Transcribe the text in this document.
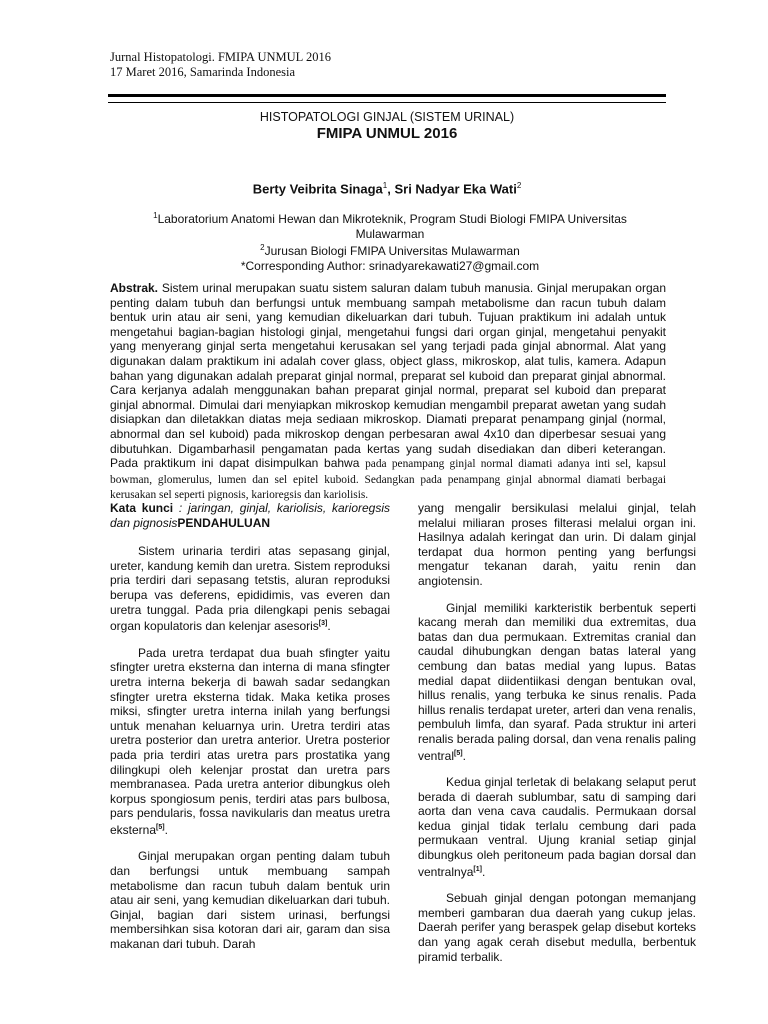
Jurnal Histopatologi. FMIPA UNMUL 2016
17 Maret 2016, Samarinda Indonesia
HISTOPATOLOGI GINJAL (SISTEM URINAL)
FMIPA UNMUL 2016
Berty Veibrita Sinaga$^1$, Sri Nadyar Eka Wati$^2$
$^1$Laboratorium Anatomi Hewan dan Mikroteknik, Program Studi Biologi FMIPA Universitas Mulawarman
$^2$Jurusan Biologi FMIPA Universitas Mulawarman
*Corresponding Author: srinadyarekawati27@gmail.com
Abstrak. Sistem urinal merupakan suatu sistem saluran dalam tubuh manusia. Ginjal merupakan organ penting dalam tubuh dan berfungsi untuk membuang sampah metabolisme dan racun tubuh dalam bentuk urin atau air seni, yang kemudian dikeluarkan dari tubuh. Tujuan praktikum ini adalah untuk mengetahui bagian-bagian histologi ginjal, mengetahui fungsi dari organ ginjal, mengetahui penyakit yang menyerang ginjal serta mengetahui kerusakan sel yang terjadi pada ginjal abnormal. Alat yang digunakan dalam praktikum ini adalah cover glass, object glass, mikroskop, alat tulis, kamera. Adapun bahan yang digunakan adalah preparat ginjal normal, preparat sel kuboid dan preparat ginjal abnormal. Cara kerjanya adalah menggunakan bahan preparat ginjal normal, preparat sel kuboid dan preparat ginjal abnormal. Dimulai dari menyiapkan mikroskop kemudian mengambil preparat awetan yang sudah disiapkan dan diletakkan diatas meja sediaan mikroskop. Diamati preparat penampang ginjal (normal, abnormal dan sel kuboid) pada mikroskop dengan perbesaran awal 4x10 dan diperbesar sesuai yang dibutuhkan. Digambarhasil pengamatan pada kertas yang sudah disediakan dan diberi keterangan. Pada praktikum ini dapat disimpulkan bahwa pada penampang ginjal normal diamati adanya inti sel, kapsul bowman, glomerulus, lumen dan sel epitel kuboid. Sedangkan pada penampang ginjal abnormal diamati berbagai kerusakan sel seperti pignosis, karioregsis dan kariolisis.

Kata kunci : jaringan, ginjal, kariolisis, karioregsis dan pignosisPENDAHULUAN

Sistem urinaria terdiri atas sepasang ginjal, ureter, kandung kemih dan uretra. Sistem reproduksi pria terdiri dari sepasang tetstis, aluran reproduksi berupa vas deferens, epididimis, vas everen dan uretra tunggal. Pada pria dilengkapi penis sebagai organ kopulatoris dan kelenjar asesoris[3].

Pada uretra terdapat dua buah sfingter yaitu sfingter uretra eksterna dan interna di mana sfingter uretra interna bekerja di bawah sadar sedangkan sfingter uretra eksterna tidak. Maka ketika proses miksi, sfingter uretra interna inilah yang berfungsi untuk menahan keluarnya urin. Uretra terdiri atas uretra posterior dan uretra anterior. Uretra posterior pada pria terdiri atas uretra pars prostatika yang dilingkupi oleh kelenjar prostat dan uretra pars membranasea. Pada uretra anterior dibungkus oleh korpus spongiosum penis, terdiri atas pars bulbosa, pars pendularis, fossa navikularis dan meatus uretra eksterna[5].

Ginjal merupakan organ penting dalam tubuh dan berfungsi untuk membuang sampah metabolisme dan racun tubuh dalam bentuk urin atau air seni, yang kemudian dikeluarkan dari tubuh. Ginjal, bagian dari sistem urinasi, berfungsi membersihkan sisa kotoran dari air, garam dan sisa makanan dari tubuh. Darah

yang mengalir bersikulasi melalui ginjal, telah melalui miliaran proses filterasi melalui organ ini. Hasilnya adalah keringat dan urin. Di dalam ginjal terdapat dua hormon penting yang berfungsi mengatur tekanan darah, yaitu renin dan angiotensin.

Ginjal memiliki karkteristik berbentuk seperti kacang merah dan memiliki dua extremitas, dua batas dan dua permukaan. Extremitas cranial dan caudal dihubungkan dengan batas lateral yang cembung dan batas medial yang lupus. Batas medial dapat diidentiikasi dengan bentukan oval, hillus renalis, yang terbuka ke sinus renalis. Pada hillus renalis terdapat ureter, arteri dan vena renalis, pembuluh limfa, dan syaraf. Pada struktur ini arteri renalis berada paling dorsal, dan vena renalis paling ventral[5].

Kedua ginjal terletak di belakang selaput perut berada di daerah sublumbar, satu di samping dari aorta dan vena cava caudalis. Permukaan dorsal kedua ginjal tidak terlalu cembung dari pada permukaan ventral. Ujung kranial setiap ginjal dibungkus oleh peritoneum pada bagian dorsal dan ventralnya[1].

Sebuah ginjal dengan potongan memanjang memberi gambaran dua daerah yang cukup jelas. Daerah perifer yang beraspek gelap disebut korteks dan yang agak cerah disebut medulla, berbentuk piramid terbalik.
